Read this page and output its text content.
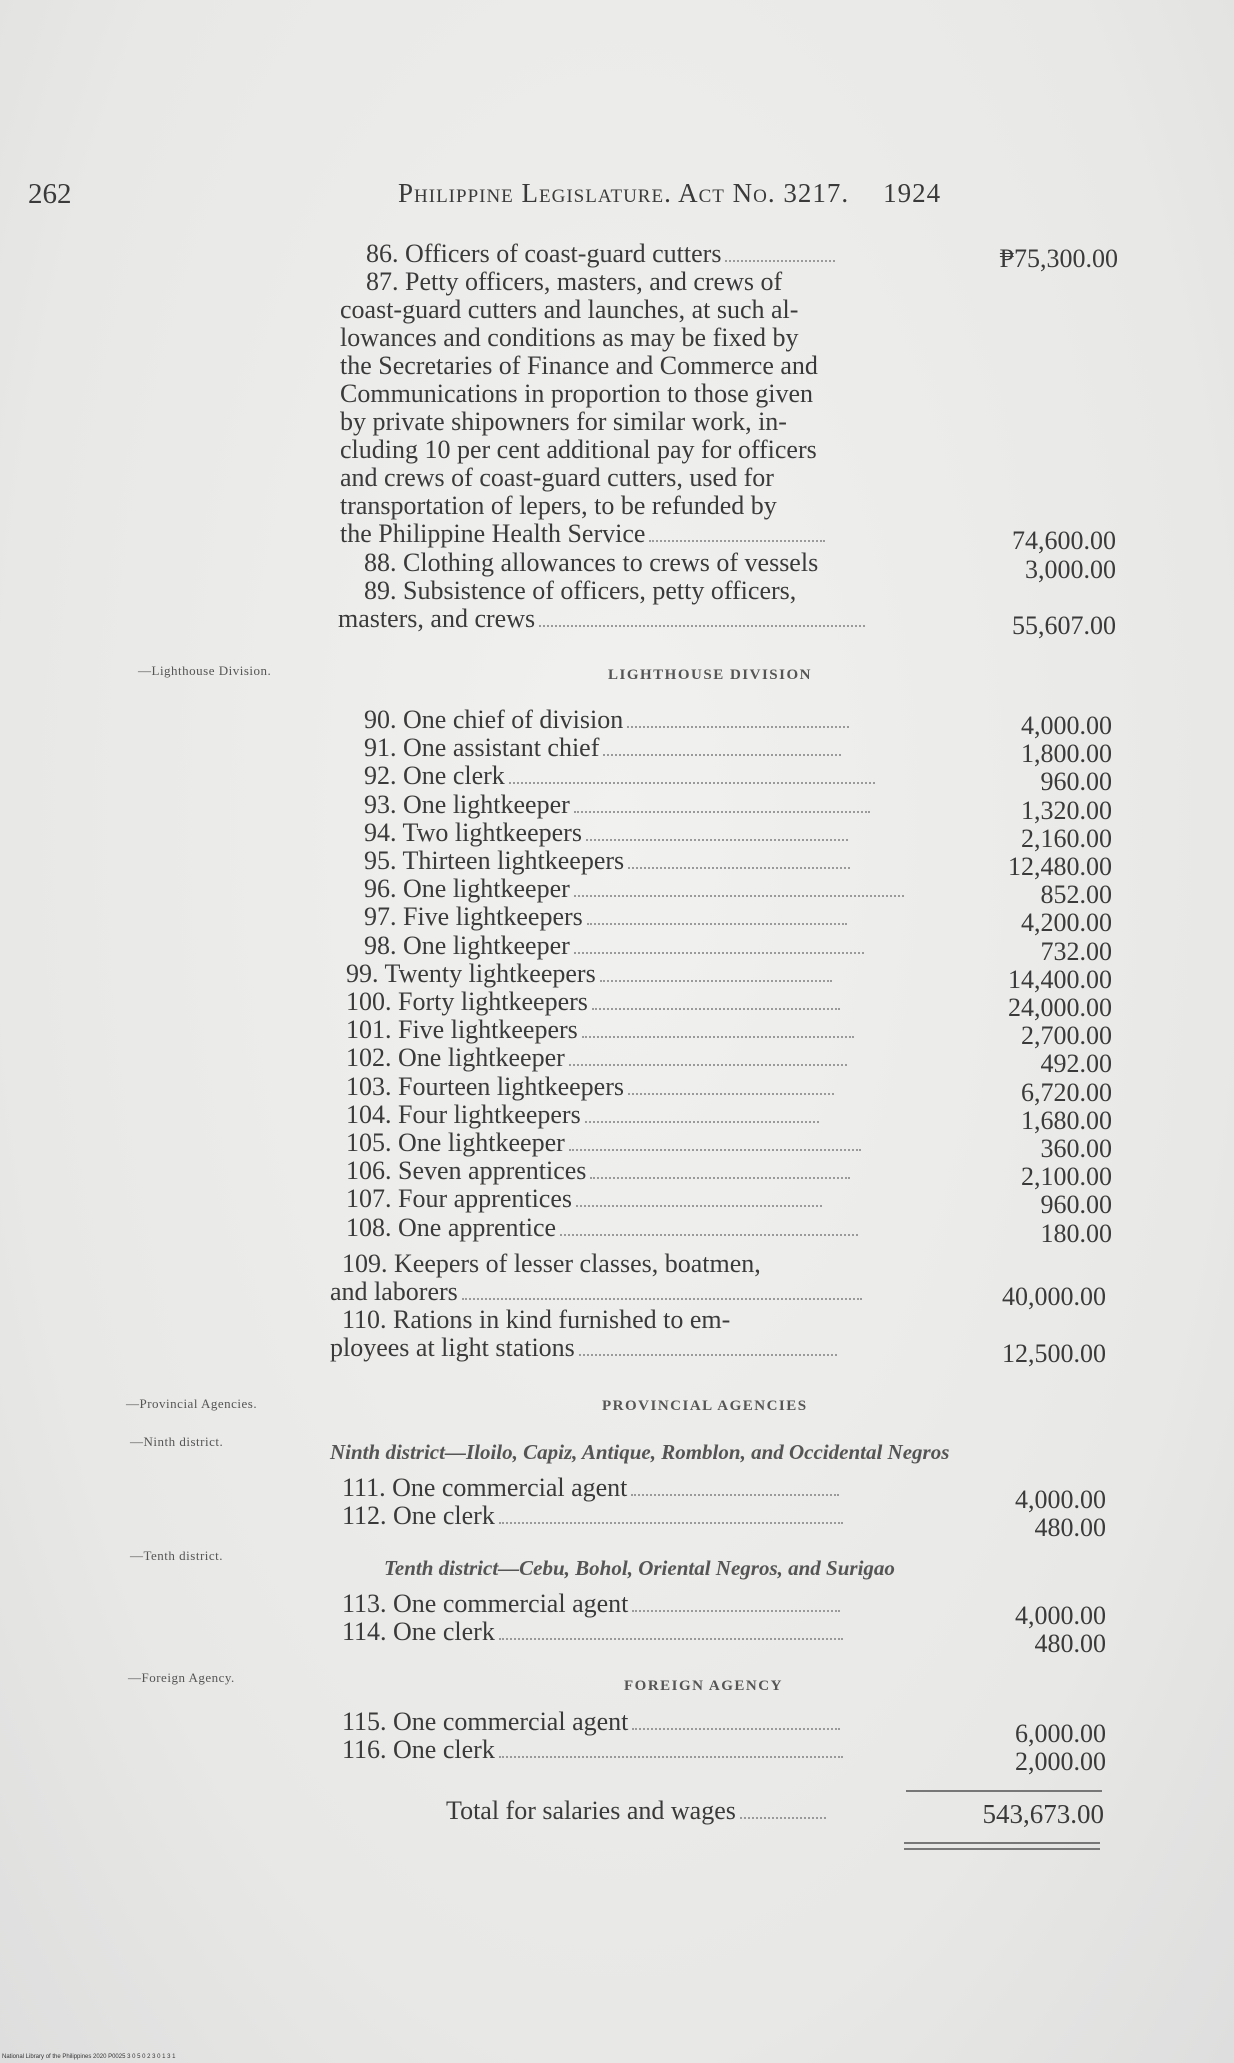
262	Philippine Legislature. Act No. 3217. 1924
86. Officers of coast-guard cutters	₱75,300.00
87. Petty officers, masters, and crews of
coast-guard cutters and launches, at such al-
lowances and conditions as may be fixed by
the Secretaries of Finance and Commerce and
Communications in proportion to those given
by private shipowners for similar work, in-
cluding 10 per cent additional pay for officers
and crews of coast-guard cutters, used for
transportation of lepers, to be refunded by
the Philippine Health Service	74,600.00
88. Clothing allowances to crews of vessels	3,000.00
89. Subsistence of officers, petty officers,
masters, and crews	55,607.00
—Lighthouse Division.	LIGHTHOUSE DIVISION
90. One chief of division	4,000.00
91. One assistant chief	1,800.00
92. One clerk	960.00
93. One lightkeeper	1,320.00
94. Two lightkeepers	2,160.00
95. Thirteen lightkeepers	12,480.00
96. One lightkeeper	852.00
97. Five lightkeepers	4,200.00
98. One lightkeeper	732.00
99. Twenty lightkeepers	14,400.00
100. Forty lightkeepers	24,000.00
101. Five lightkeepers	2,700.00
102. One lightkeeper	492.00
103. Fourteen lightkeepers	6,720.00
104. Four lightkeepers	1,680.00
105. One lightkeeper	360.00
106. Seven apprentices	2,100.00
107. Four apprentices	960.00
108. One apprentice	180.00
109. Keepers of lesser classes, boatmen,
and laborers	40,000.00
110. Rations in kind furnished to em-
ployees at light stations	12,500.00
—Provincial Agencies.	PROVINCIAL AGENCIES
—Ninth district.	Ninth district—Iloilo, Capiz, Antique, Romblon, and Occidental Negros
111. One commercial agent	4,000.00
112. One clerk	480.00
—Tenth district.
Tenth district—Cebu, Bohol, Oriental Negros, and Surigao
113. One commercial agent	4,000.00
114. One clerk	480.00
—Foreign Agency.
FOREIGN AGENCY
115. One commercial agent	6,000.00
116. One clerk	2,000.00
Total for salaries and wages	543,673.00
National Library of the Philippines 2020 P0025 3 0 5 0 2 3 0 1 3 1
